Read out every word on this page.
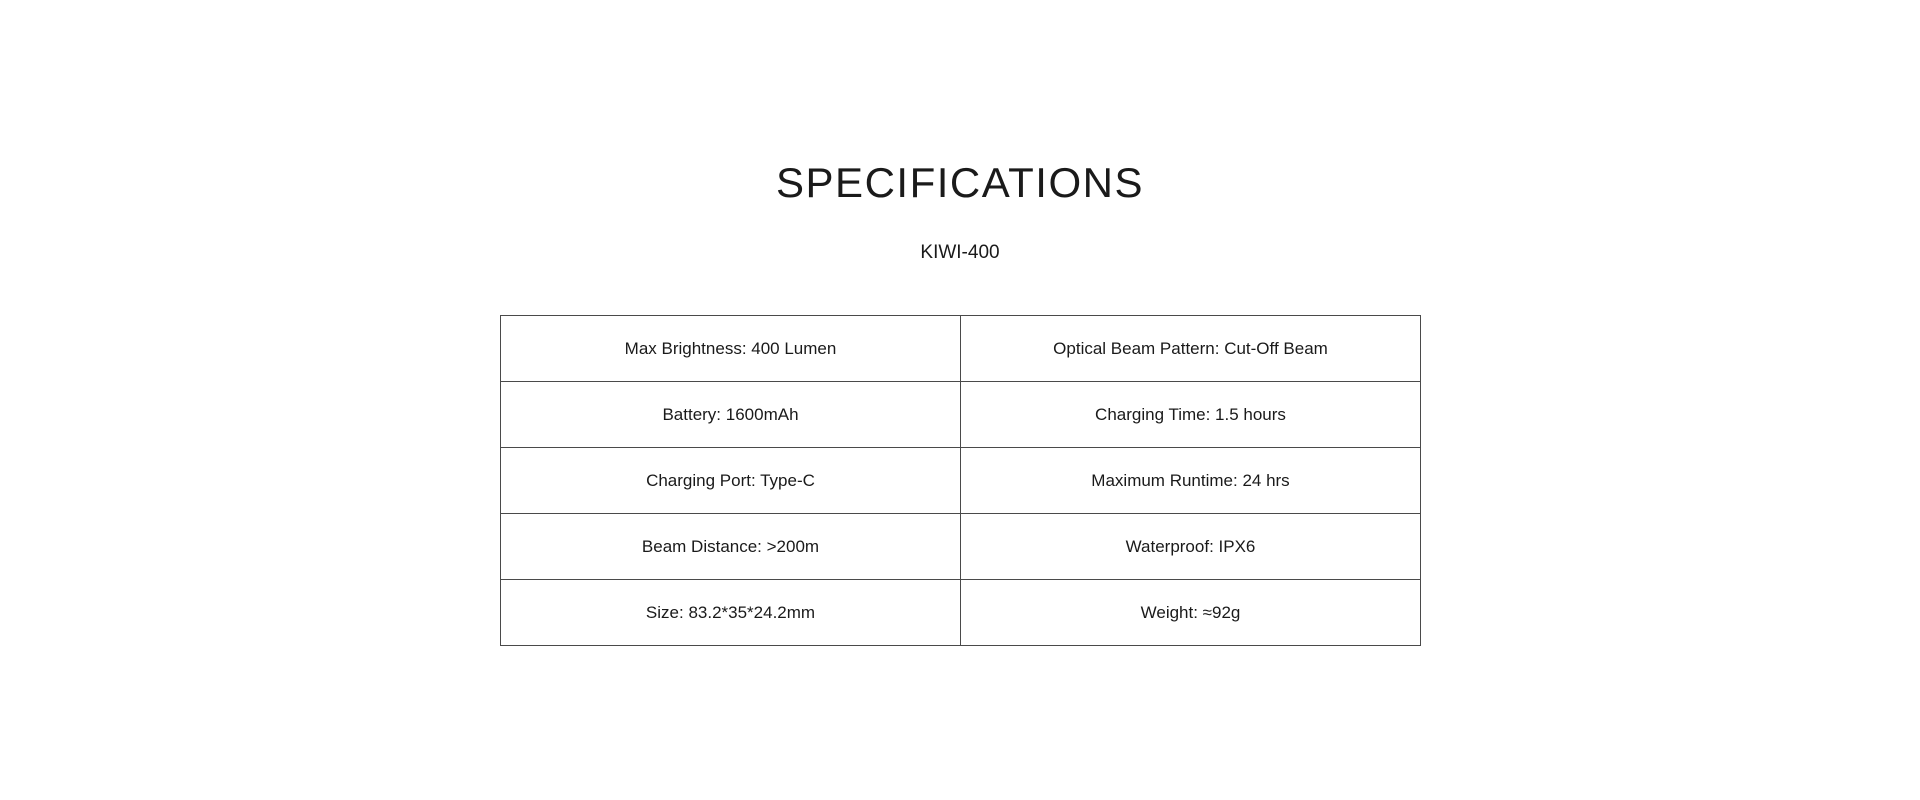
SPECIFICATIONS
KIWI-400
Max Brightness: 400 Lumen	Optical Beam Pattern: Cut-Off Beam
Battery: 1600mAh	Charging Time: 1.5 hours
Charging Port: Type-C	Maximum Runtime: 24 hrs
Beam Distance: >200m	Waterproof: IPX6
Size: 83.2*35*24.2mm	Weight: ≈92g
